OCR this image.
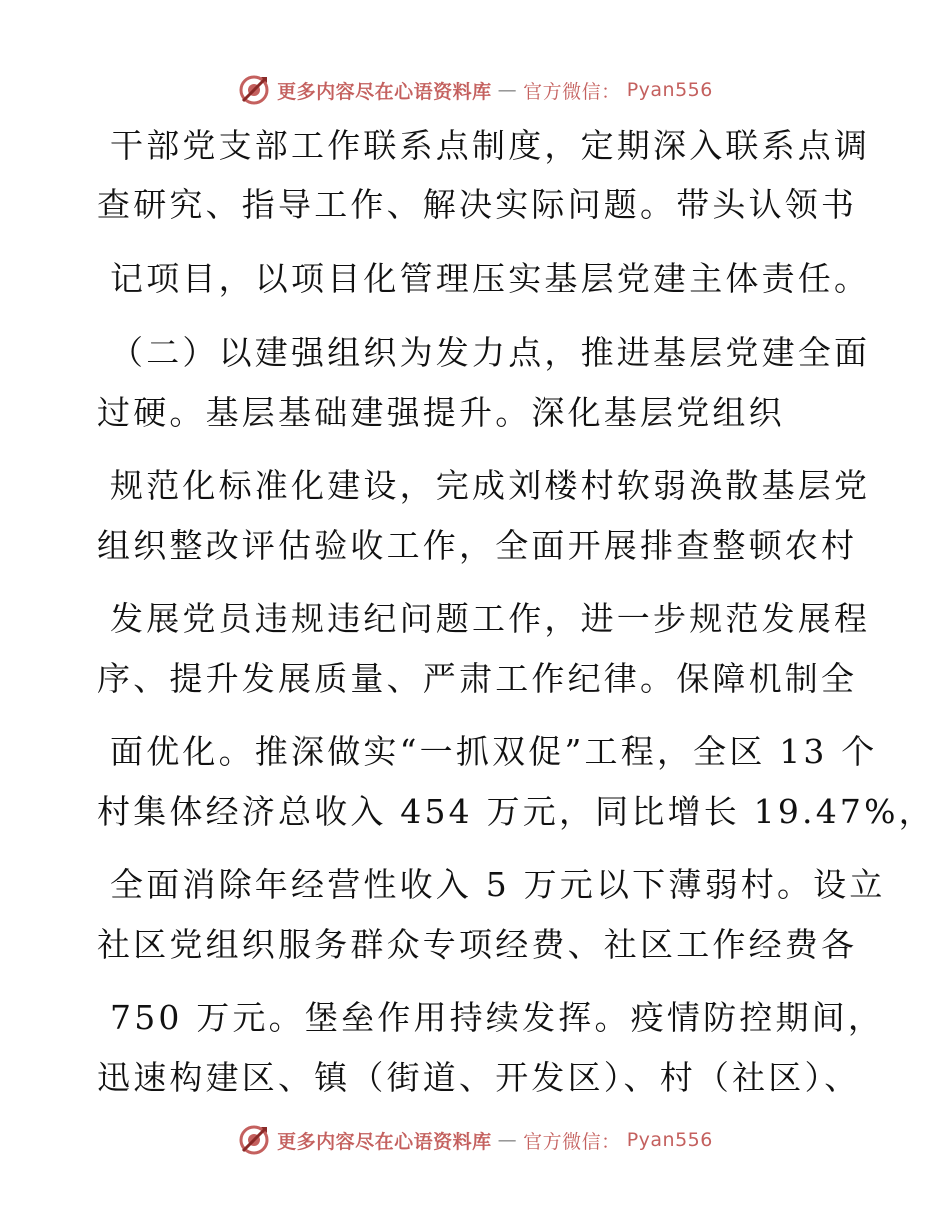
更多内容尽在心语资料库 — 官方微信： Pyan556
干部党支部工作联系点制度，定期深入联系点调
查研究、指导工作、解决实际问题。带头认领书
记项目，以项目化管理压实基层党建主体责任。
（二）以建强组织为发力点，推进基层党建全面
过硬。基层基础建强提升。深化基层党组织
规范化标准化建设，完成刘楼村软弱涣散基层党
组织整改评估验收工作，全面开展排查整顿农村
发展党员违规违纪问题工作，进一步规范发展程
序、提升发展质量、严肃工作纪律。保障机制全
面优化。推深做实“一抓双促”工程，全区 13 个
村集体经济总收入 454 万元，同比增长 19.47%，
全面消除年经营性收入 5 万元以下薄弱村。设立
社区党组织服务群众专项经费、社区工作经费各
750 万元。堡垒作用持续发挥。疫情防控期间，
迅速构建区、镇（街道、开发区）、村（社区）、
更多内容尽在心语资料库 — 官方微信： Pyan556
